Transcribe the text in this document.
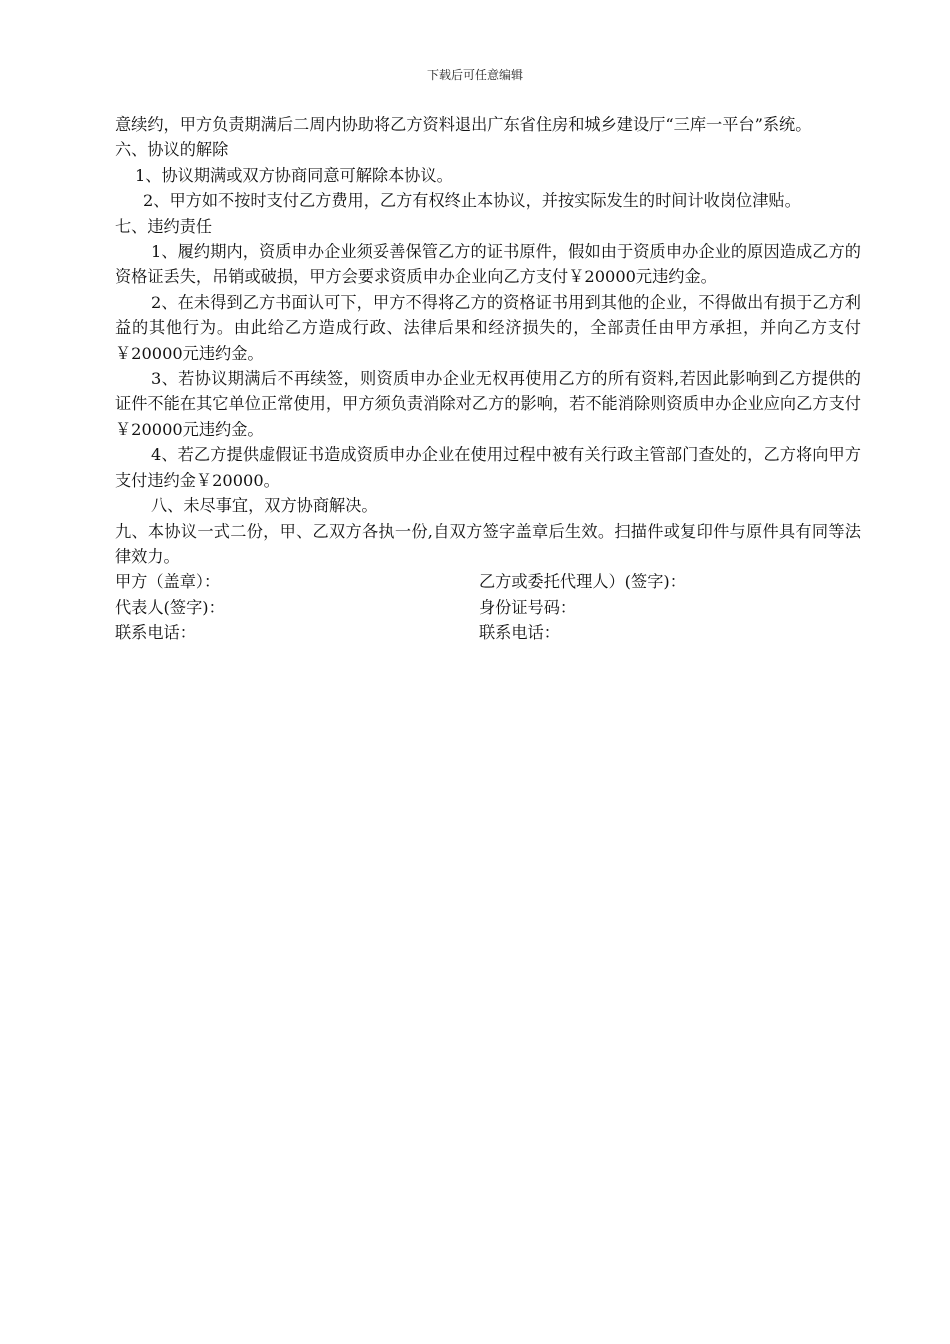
下载后可任意编辑

意续约，甲方负责期满后二周内协助将乙方资料退出广东省住房和城乡建设厅“三库一平台”系统。

六、协议的解除

1、协议期满或双方协商同意可解除本协议。

2、甲方如不按时支付乙方费用，乙方有权终止本协议，并按实际发生的时间计收岗位津贴。

七、违约责任

1、履约期内，资质申办企业须妥善保管乙方的证书原件，假如由于资质申办企业的原因造成乙方的资格证丢失，吊销或破损，甲方会要求资质申办企业向乙方支付￥20000元违约金。

2、在未得到乙方书面认可下，甲方不得将乙方的资格证书用到其他的企业，不得做出有损于乙方利益的其他行为。由此给乙方造成行政、法律后果和经济损失的，全部责任由甲方承担，并向乙方支付￥20000元违约金。

3、若协议期满后不再续签，则资质申办企业无权再使用乙方的所有资料,若因此影响到乙方提供的证件不能在其它单位正常使用，甲方须负责消除对乙方的影响，若不能消除则资质申办企业应向乙方支付￥20000元违约金。

4、若乙方提供虚假证书造成资质申办企业在使用过程中被有关行政主管部门查处的，乙方将向甲方支付违约金￥20000。

八、未尽事宜，双方协商解决。

九、本协议一式二份，甲、乙双方各执一份,自双方签字盖章后生效。扫描件或复印件与原件具有同等法律效力。

甲方（盖章）：	乙方或委托代理人）(签字)：
代表人(签字)：	身份证号码：
联系电话：	联系电话：
